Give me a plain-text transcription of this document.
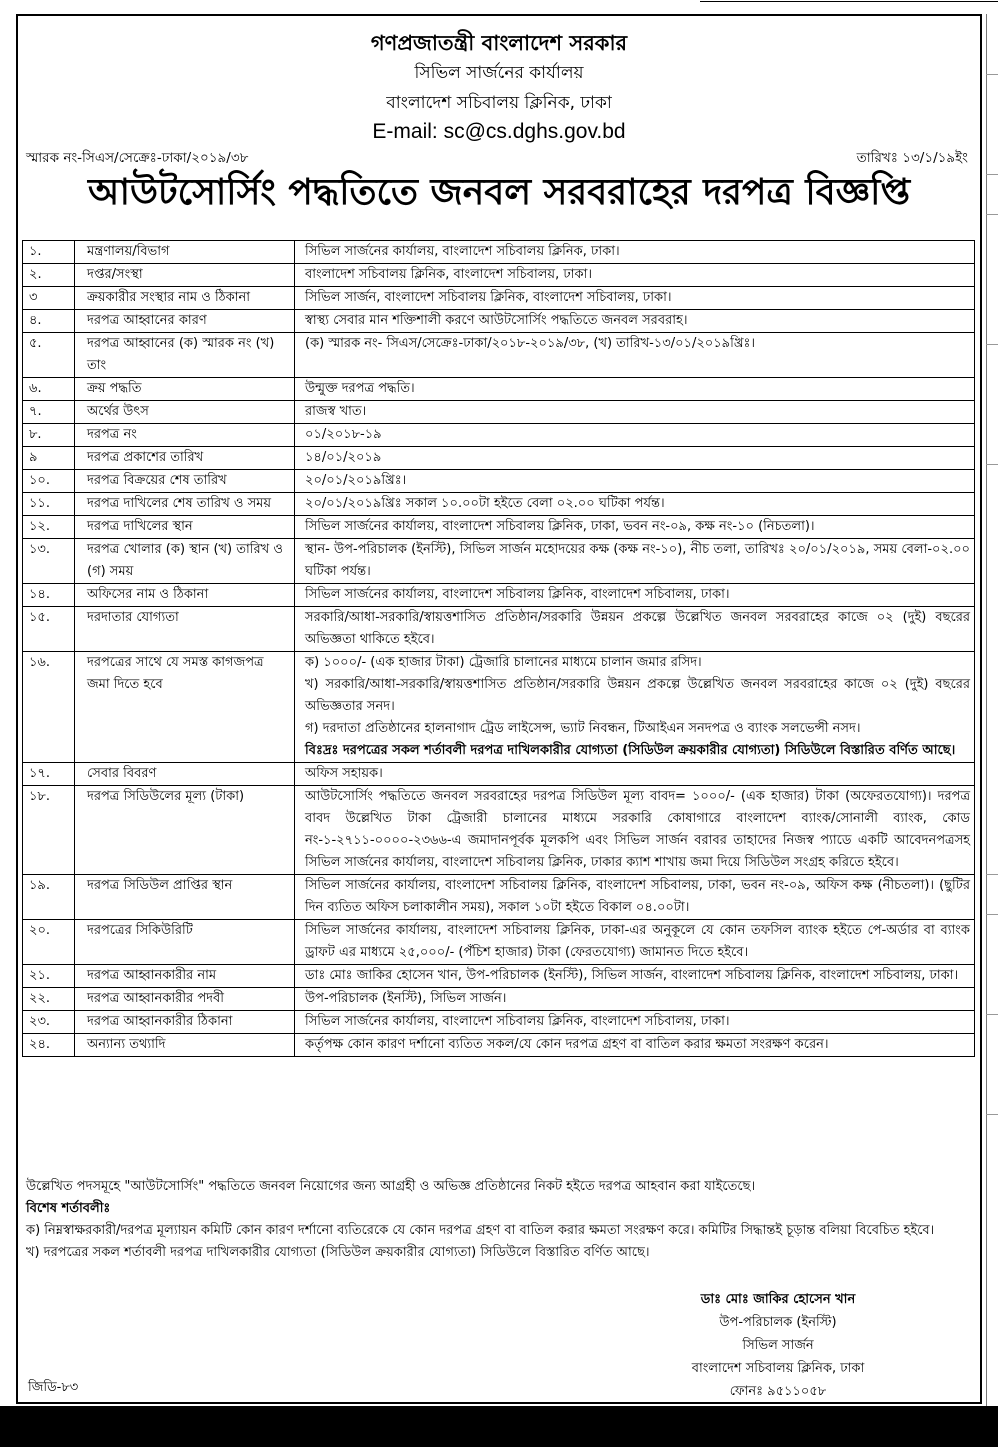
গণপ্রজাতন্ত্রী বাংলাদেশ সরকার
সিভিল সার্জনের কার্যালয়
বাংলাদেশ সচিবালয় ক্লিনিক, ঢাকা
E-mail: sc@cs.dghs.gov.bd
স্মারক নং-সিএস/সেক্রেঃ-ঢাকা/২০১৯/৩৮	তারিখঃ ১৩/১/১৯ইং
আউটসোর্সিং পদ্ধতিতে জনবল সরবরাহের দরপত্র বিজ্ঞপ্তি
১.	মন্ত্রণালয়/বিভাগ	সিভিল সার্জনের কার্যালয়, বাংলাদেশ সচিবালয় ক্লিনিক, ঢাকা।

২.	দপ্তর/সংস্থা	বাংলাদেশ সচিবালয় ক্লিনিক, বাংলাদেশ সচিবালয়, ঢাকা।

৩	ক্রয়কারীর সংস্থার নাম ও ঠিকানা	সিভিল সার্জন, বাংলাদেশ সচিবালয় ক্লিনিক, বাংলাদেশ সচিবালয়, ঢাকা।

৪.	দরপত্র আহ্বানের কারণ	স্বাস্থ্য সেবার মান শক্তিশালী করণে আউটসোর্সিং পদ্ধতিতে জনবল সরবরাহ।

৫.	দরপত্র আহ্বানের (ক) স্মারক নং (খ) তাং	(ক) স্মারক নং- সিএস/সেক্রেঃ-ঢাকা/২০১৮-২০১৯/৩৮, (খ) তারিখ-১৩/০১/২০১৯খ্রিঃ।

৬.	ক্রয় পদ্ধতি	উন্মুক্ত দরপত্র পদ্ধতি।

৭.	অর্থের উৎস	রাজস্ব খাত।

৮.	দরপত্র নং	০১/২০১৮-১৯

৯	দরপত্র প্রকাশের তারিখ	১৪/০১/২০১৯

১০.	দরপত্র বিক্রয়ের শেষ তারিখ	২০/০১/২০১৯খ্রিঃ।

১১.	দরপত্র দাখিলের শেষ তারিখ ও সময়	২০/০১/২০১৯খ্রিঃ সকাল ১০.০০টা হইতে বেলা ০২.০০ ঘটিকা পর্যন্ত।

১২.	দরপত্র দাখিলের স্থান	সিভিল সার্জনের কার্যালয়, বাংলাদেশ সচিবালয় ক্লিনিক, ঢাকা, ভবন নং-০৯, কক্ষ নং-১০ (নিচতলা)।

১৩.	দরপত্র খোলার (ক) স্থান (খ) তারিখ ও (গ) সময়	স্থান- উপ-পরিচালক (ইনস্টি), সিভিল সার্জন মহোদয়ের কক্ষ (কক্ষ নং-১০), নীচ তলা, তারিখঃ ২০/০১/২০১৯, সময় বেলা-০২.০০ ঘটিকা পর্যন্ত।

১৪.	অফিসের নাম ও ঠিকানা	সিভিল সার্জনের কার্যালয়, বাংলাদেশ সচিবালয় ক্লিনিক, বাংলাদেশ সচিবালয়, ঢাকা।

১৫.	দরদাতার যোগ্যতা	সরকারি/আধা-সরকারি/স্বায়ত্তশাসিত প্রতিষ্ঠান/সরকারি উন্নয়ন প্রকল্পে উল্লেখিত জনবল সরবরাহের কাজে ০২ (দুই) বছরের অভিজ্ঞতা থাকিতে হইবে।

১৬.	দরপত্রের সাথে যে সমস্ত কাগজপত্র জমা দিতে হবে	ক) ১০০০/- (এক হাজার টাকা) ট্রেজারি চালানের মাধ্যমে চালান জমার রসিদ।

খ) সরকারি/আধা-সরকারি/স্বায়ত্তশাসিত প্রতিষ্ঠান/সরকারি উন্নয়ন প্রকল্পে উল্লেখিত জনবল সরবরাহের কাজে ০২ (দুই) বছরের অভিজ্ঞতার সনদ।

গ) দরদাতা প্রতিষ্ঠানের হালনাগাদ ট্রেড লাইসেন্স, ভ্যাট নিবন্ধন, টিআইএন সনদপত্র ও ব্যাংক সলভেন্সী নসদ।

বিঃদ্রঃ দরপত্রের সকল শর্তাবলী দরপত্র দাখিলকারীর যোগ্যতা (সিডিউল ক্রয়কারীর যোগ্যতা) সিডিউলে বিস্তারিত বর্ণিত আছে।

১৭.	সেবার বিবরণ	অফিস সহায়ক।

১৮.	দরপত্র সিডিউলের মূল্য (টাকা)	আউটসোর্সিং পদ্ধতিতে জনবল সরবরাহের দরপত্র সিডিউল মূল্য বাবদ= ১০০০/- (এক হাজার) টাকা (অফেরতযোগ্য)। দরপত্র বাবদ উল্লেখিত টাকা ট্রেজারী চালানের মাধ্যমে সরকারি কোষাগারে বাংলাদেশ ব্যাংক/সোনালী ব্যাংক, কোড নং-১-২৭১১-০০০০-২৩৬৬-এ জমাদানপূর্বক মূলকপি এবং সিভিল সার্জন বরাবর তাহাদের নিজস্ব প্যাডে একটি আবেদনপত্রসহ সিভিল সার্জনের কার্যালয়, বাংলাদেশ সচিবালয় ক্লিনিক, ঢাকার ক্যাশ শাখায় জমা দিয়ে সিডিউল সংগ্রহ করিতে হইবে।

১৯.	দরপত্র সিডিউল প্রাপ্তির স্থান	সিভিল সার্জনের কার্যালয়, বাংলাদেশ সচিবালয় ক্লিনিক, বাংলাদেশ সচিবালয়, ঢাকা, ভবন নং-০৯, অফিস কক্ষ (নীচতলা)। (ছুটির দিন ব্যতিত অফিস চলাকালীন সময়), সকাল ১০টা হইতে বিকাল ০৪.০০টা।

২০.	দরপত্রের সিকিউরিটি	সিভিল সার্জনের কার্যালয়, বাংলাদেশ সচিবালয় ক্লিনিক, ঢাকা-এর অনুকূলে যে কোন তফসিল ব্যাংক হইতে পে-অর্ডার বা ব্যাংক ড্রাফট এর মাধ্যমে ২৫,০০০/- (পঁচিশ হাজার) টাকা (ফেরতযোগ্য) জামানত দিতে হইবে।

২১.	দরপত্র আহ্বানকারীর নাম	ডাঃ মোঃ জাকির হোসেন খান, উপ-পরিচালক (ইনস্টি), সিভিল সার্জন, বাংলাদেশ সচিবালয় ক্লিনিক, বাংলাদেশ সচিবালয়, ঢাকা।

২২.	দরপত্র আহ্বানকারীর পদবী	উপ-পরিচালক (ইনস্টি), সিভিল সার্জন।

২৩.	দরপত্র আহ্বানকারীর ঠিকানা	সিভিল সার্জনের কার্যালয়, বাংলাদেশ সচিবালয় ক্লিনিক, বাংলাদেশ সচিবালয়, ঢাকা।

২৪.	অন্যান্য তথ্যাদি	কর্তৃপক্ষ কোন কারণ দর্শানো ব্যতিত সকল/যে কোন দরপত্র গ্রহণ বা বাতিল করার ক্ষমতা সংরক্ষণ করেন।

উল্লেখিত পদসমূহে "আউটসোর্সিং" পদ্ধতিতে জনবল নিয়োগের জন্য আগ্রহী ও অভিজ্ঞ প্রতিষ্ঠানের নিকট হইতে দরপত্র আহবান করা যাইতেছে।

বিশেষ শর্তাবলীঃ

ক) নিম্নস্বাক্ষরকারী/দরপত্র মূল্যায়ন কমিটি কোন কারণ দর্শানো ব্যতিরেকে যে কোন দরপত্র গ্রহণ বা বাতিল করার ক্ষমতা সংরক্ষণ করে। কমিটির সিদ্ধান্তই চূড়ান্ত বলিয়া বিবেচিত হইবে।

খ) দরপত্রের সকল শর্তাবলী দরপত্র দাখিলকারীর যোগ্যতা (সিডিউল ক্রয়কারীর যোগ্যতা) সিডিউলে বিস্তারিত বর্ণিত আছে।

ডাঃ মোঃ জাকির হোসেন খান
উপ-পরিচালক (ইনস্টি)
সিভিল সার্জন
বাংলাদেশ সচিবালয় ক্লিনিক, ঢাকা
ফোনঃ ৯৫১১০৫৮
জিডি-৮৩
